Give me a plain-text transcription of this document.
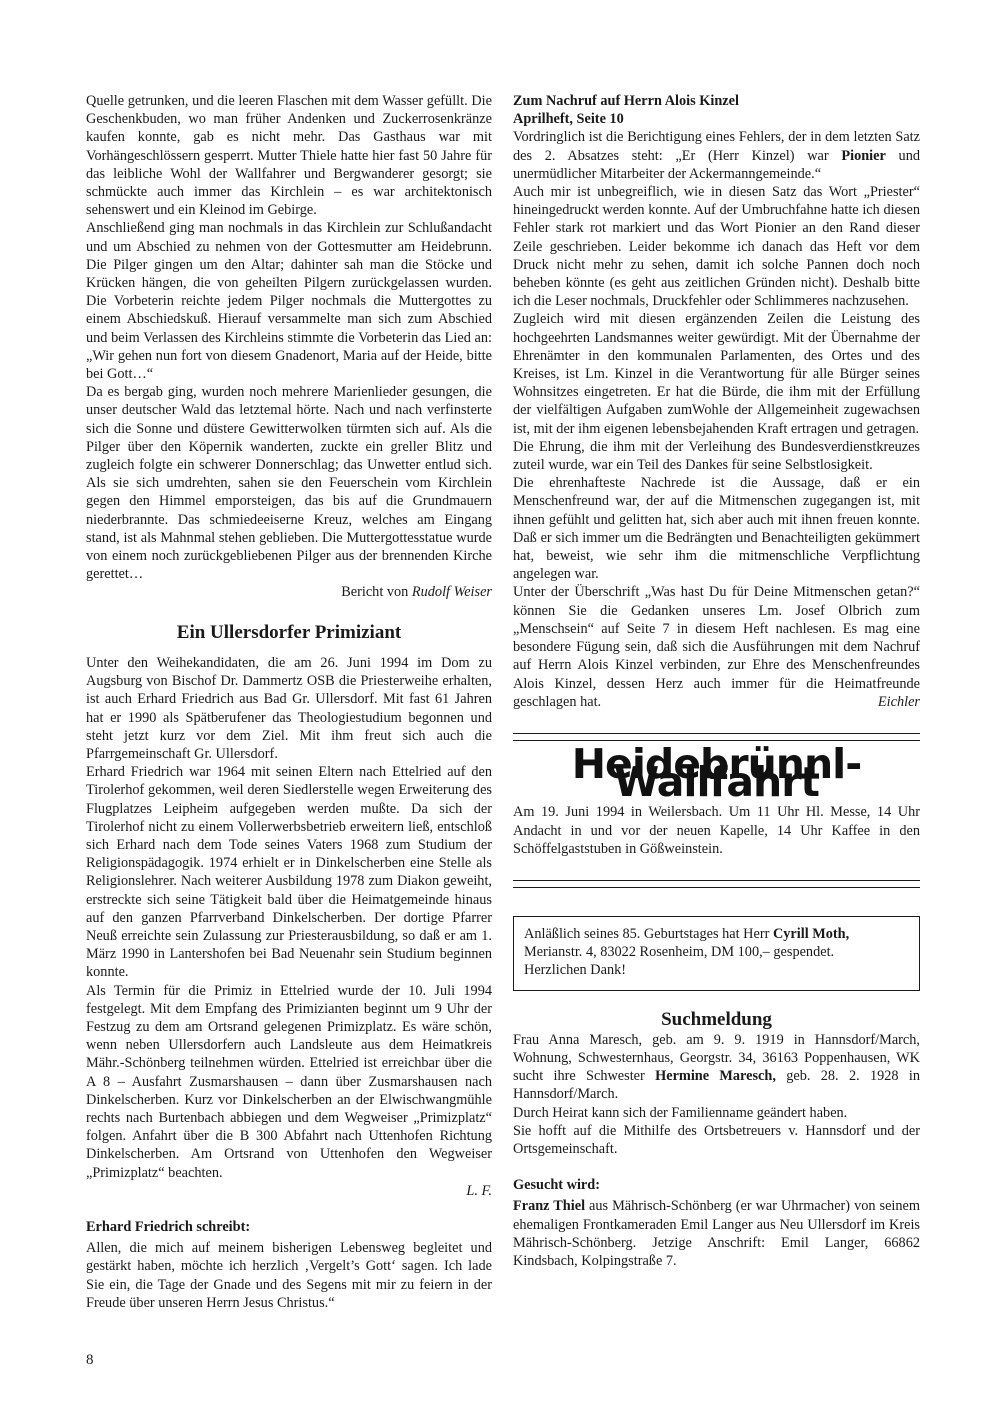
Quelle getrunken, und die leeren Flaschen mit dem Wasser gefüllt. Die Geschenkbuden, wo man früher Andenken und Zuckerrosenkränze kaufen konnte, gab es nicht mehr. Das Gasthaus war mit Vorhängeschlössern gesperrt. Mutter Thiele hatte hier fast 50 Jahre für das leibliche Wohl der Wallfahrer und Bergwanderer gesorgt; sie schmückte auch immer das Kirchlein – es war architektonisch sehenswert und ein Kleinod im Gebirge.

Anschließend ging man nochmals in das Kirchlein zur Schlußandacht und um Abschied zu nehmen von der Gottesmutter am Heidebrunn. Die Pilger gingen um den Altar; dahinter sah man die Stöcke und Krücken hängen, die von geheilten Pilgern zurückgelassen wurden. Die Vorbeterin reichte jedem Pilger nochmals die Muttergottes zu einem Abschiedskuß. Hierauf versammelte man sich zum Abschied und beim Verlassen des Kirchleins stimmte die Vorbeterin das Lied an: „Wir gehen nun fort von diesem Gnadenort, Maria auf der Heide, bitte bei Gott…“

Da es bergab ging, wurden noch mehrere Marienlieder gesungen, die unser deutscher Wald das letztemal hörte. Nach und nach verfinsterte sich die Sonne und düstere Gewitterwolken türmten sich auf. Als die Pilger über den Köpernik wanderten, zuckte ein greller Blitz und zugleich folgte ein schwerer Donnerschlag; das Unwetter entlud sich. Als sie sich umdrehten, sahen sie den Feuerschein vom Kirchlein gegen den Himmel emporsteigen, das bis auf die Grundmauern niederbrannte. Das schmiedeeiserne Kreuz, welches am Eingang stand, ist als Mahnmal stehen geblieben. Die Muttergottesstatue wurde von einem noch zurückgebliebenen Pilger aus der brennenden Kirche gerettet…

Bericht von Rudolf Weiser

Ein Ullersdorfer Primiziant

Unter den Weihekandidaten, die am 26. Juni 1994 im Dom zu Augsburg von Bischof Dr. Dammertz OSB die Priesterweihe erhalten, ist auch Erhard Friedrich aus Bad Gr. Ullersdorf. Mit fast 61 Jahren hat er 1990 als Spätberufener das Theologiestudium begonnen und steht jetzt kurz vor dem Ziel. Mit ihm freut sich auch die Pfarrgemeinschaft Gr. Ullersdorf.

Erhard Friedrich war 1964 mit seinen Eltern nach Ettelried auf den Tirolerhof gekommen, weil deren Siedlerstelle wegen Erweiterung des Flugplatzes Leipheim aufgegeben werden mußte. Da sich der Tirolerhof nicht zu einem Vollerwerbsbetrieb erweitern ließ, entschloß sich Erhard nach dem Tode seines Vaters 1968 zum Studium der Religionspädagogik. 1974 erhielt er in Dinkelscherben eine Stelle als Religionslehrer. Nach weiterer Ausbildung 1978 zum Diakon geweiht, erstreckte sich seine Tätigkeit bald über die Heimatgemeinde hinaus auf den ganzen Pfarrverband Dinkelscherben. Der dortige Pfarrer Neuß erreichte sein Zulassung zur Priesterausbildung, so daß er am 1. März 1990 in Lantershofen bei Bad Neuenahr sein Studium beginnen konnte.

Als Termin für die Primiz in Ettelried wurde der 10. Juli 1994 festgelegt. Mit dem Empfang des Primizianten beginnt um 9 Uhr der Festzug zu dem am Ortsrand gelegenen Primizplatz. Es wäre schön, wenn neben Ullersdorfern auch Landsleute aus dem Heimatkreis Mähr.-Schönberg teilnehmen würden. Ettelried ist erreichbar über die A 8 – Ausfahrt Zusmarshausen – dann über Zusmarshausen nach Dinkelscherben. Kurz vor Dinkelscherben an der Elwischwangmühle rechts nach Burtenbach abbiegen und dem Wegweiser „Primizplatz“ folgen. Anfahrt über die B 300 Abfahrt nach Uttenhofen Richtung Dinkelscherben. Am Ortsrand von Uttenhofen den Wegweiser „Primizplatz“ beachten.

L. F.

Erhard Friedrich schreibt:

Allen, die mich auf meinem bisherigen Lebensweg begleitet und gestärkt haben, möchte ich herzlich ‚Vergelt’s Gott‘ sagen. Ich lade Sie ein, die Tage der Gnade und des Segens mit mir zu feiern in der Freude über unseren Herrn Jesus Christus.“

Zum Nachruf auf Herrn Alois Kinzel
Aprilheft, Seite 10

Vordringlich ist die Berichtigung eines Fehlers, der in dem letzten Satz des 2. Absatzes steht: „Er (Herr Kinzel) war Pionier und unermüdlicher Mitarbeiter der Ackermanngemeinde.“

Auch mir ist unbegreiflich, wie in diesen Satz das Wort „Priester“ hineingedruckt werden konnte. Auf der Umbruchfahne hatte ich diesen Fehler stark rot markiert und das Wort Pionier an den Rand dieser Zeile geschrieben. Leider bekomme ich danach das Heft vor dem Druck nicht mehr zu sehen, damit ich solche Pannen doch noch beheben könnte (es geht aus zeitlichen Gründen nicht). Deshalb bitte ich die Leser nochmals, Druckfehler oder Schlimmeres nachzusehen.

Zugleich wird mit diesen ergänzenden Zeilen die Leistung des hochgeehrten Landsmannes weiter gewürdigt. Mit der Übernahme der Ehrenämter in den kommunalen Parlamenten, des Ortes und des Kreises, ist Lm. Kinzel in die Verantwortung für alle Bürger seines Wohnsitzes eingetreten. Er hat die Bürde, die ihm mit der Erfüllung der vielfältigen Aufgaben zumWohle der Allgemeinheit zugewachsen ist, mit der ihm eigenen lebensbejahenden Kraft ertragen und getragen.

Die Ehrung, die ihm mit der Verleihung des Bundesverdienstkreuzes zuteil wurde, war ein Teil des Dankes für seine Selbstlosigkeit.

Die ehrenhafteste Nachrede ist die Aussage, daß er ein Menschenfreund war, der auf die Mitmenschen zugegangen ist, mit ihnen gefühlt und gelitten hat, sich aber auch mit ihnen freuen konnte. Daß er sich immer um die Bedrängten und Benachteiligten gekümmert hat, beweist, wie sehr ihm die mitmenschliche Verpflichtung angelegen war.

Unter der Überschrift „Was hast Du für Deine Mitmenschen getan?“ können Sie die Gedanken unseres Lm. Josef Olbrich zum „Menschsein“ auf Seite 7 in diesem Heft nachlesen. Es mag eine besondere Fügung sein, daß sich die Ausführungen mit dem Nachruf auf Herrn Alois Kinzel verbinden, zur Ehre des Menschenfreundes Alois Kinzel, dessen Herz auch immer für die Heimatfreunde geschlagen hat.	Eichler

Heidebrünnl-Wallfahrt

Am 19. Juni 1994 in Weilersbach. Um 11 Uhr Hl. Messe, 14 Uhr Andacht in und vor der neuen Kapelle, 14 Uhr Kaffee in den Schöffelgaststuben in Gößweinstein.

Anläßlich seines 85. Geburtstages hat Herr Cyrill Moth, Merianstr. 4, 83022 Rosenheim, DM 100,– gespendet.

Herzlichen Dank!

Suchmeldung

Frau Anna Maresch, geb. am 9. 9. 1919 in Hannsdorf/March, Wohnung, Schwesternhaus, Georgstr. 34, 36163 Poppenhausen, WK sucht ihre Schwester Hermine Maresch, geb. 28. 2. 1928 in Hannsdorf/March.

Durch Heirat kann sich der Familienname geändert haben.

Sie hofft auf die Mithilfe des Ortsbetreuers v. Hannsdorf und der Ortsgemeinschaft.

Gesucht wird:

Franz Thiel aus Mährisch-Schönberg (er war Uhrmacher) von seinem ehemaligen Frontkameraden Emil Langer aus Neu Ullersdorf im Kreis Mährisch-Schönberg. Jetzige Anschrift: Emil Langer, 66862 Kindsbach, Kolpingstraße 7.

8
